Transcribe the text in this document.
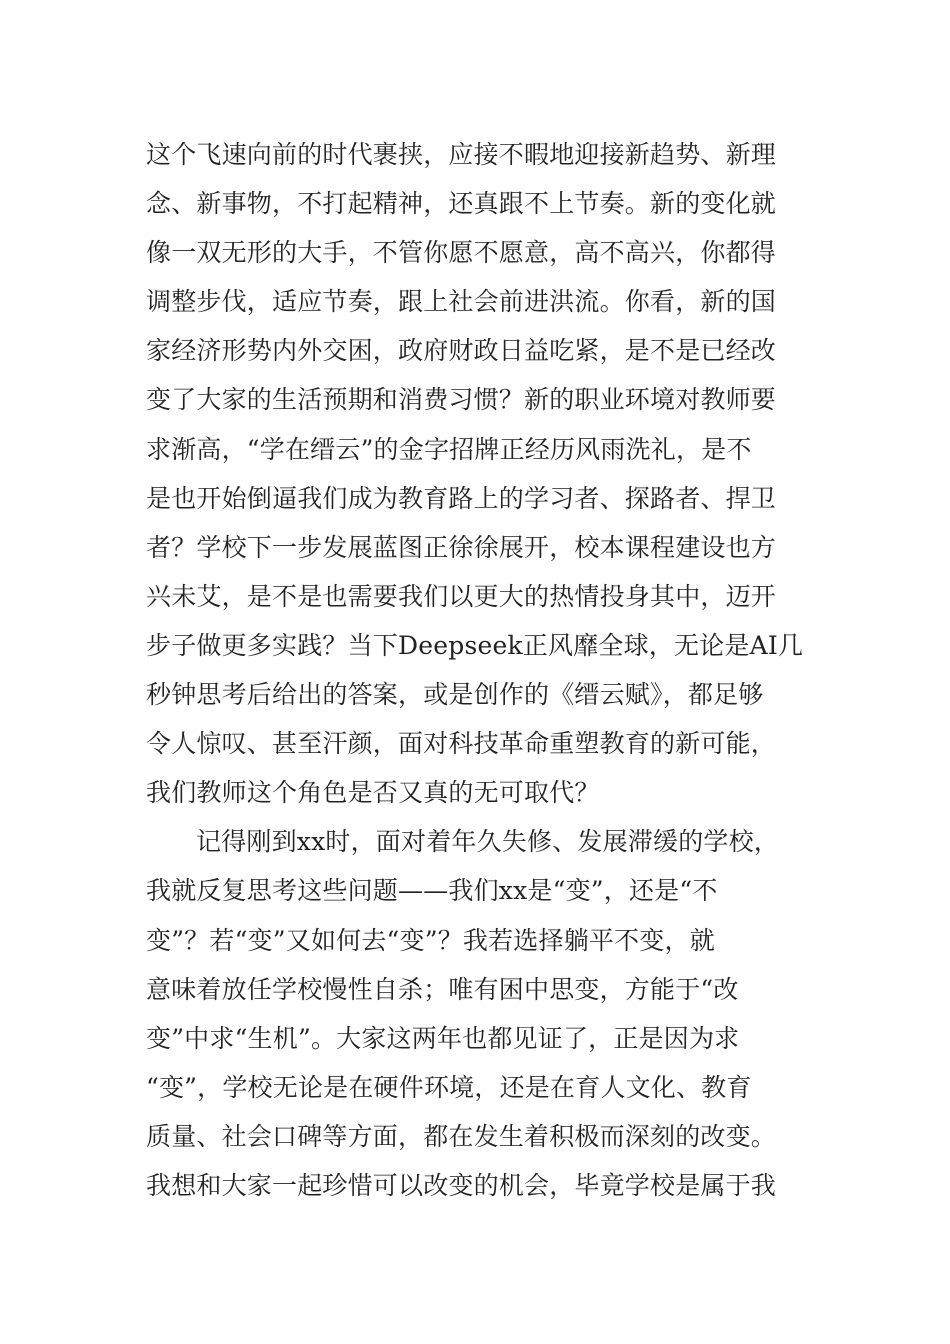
这个飞速向前的时代裹挟，应接不暇地迎接新趋势、新理
念、新事物，不打起精神，还真跟不上节奏。新的变化就
像一双无形的大手，不管你愿不愿意，高不高兴，你都得
调整步伐，适应节奏，跟上社会前进洪流。你看，新的国
家经济形势内外交困，政府财政日益吃紧，是不是已经改
变了大家的生活预期和消费习惯？新的职业环境对教师要
求渐高，“学在缙云”的金字招牌正经历风雨洗礼，是不
是也开始倒逼我们成为教育路上的学习者、探路者、捍卫
者？学校下一步发展蓝图正徐徐展开，校本课程建设也方
兴未艾，是不是也需要我们以更大的热情投身其中，迈开
步子做更多实践？当下Deepseek正风靡全球，无论是AI几
秒钟思考后给出的答案，或是创作的《缙云赋》，都足够
令人惊叹、甚至汗颜，面对科技革命重塑教育的新可能，
我们教师这个角色是否又真的无可取代？
记得刚到xx时，面对着年久失修、发展滞缓的学校，
我就反复思考这些问题——我们xx是“变”，还是“不
变”？若“变”又如何去“变”？我若选择躺平不变，就
意味着放任学校慢性自杀；唯有困中思变，方能于“改
变”中求“生机”。大家这两年也都见证了，正是因为求
“变”，学校无论是在硬件环境，还是在育人文化、教育
质量、社会口碑等方面，都在发生着积极而深刻的改变。
我想和大家一起珍惜可以改变的机会，毕竟学校是属于我
